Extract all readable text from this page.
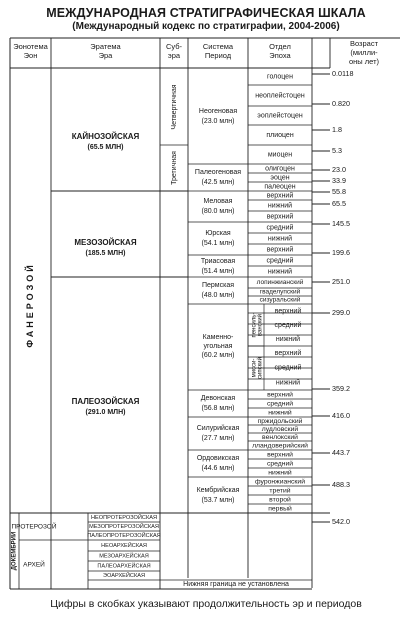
МЕЖДУНАРОДНАЯ СТРАТИГРАФИЧЕСКАЯ ШКАЛА
(Международный кодекс по стратиграфии, 2004-2006)
Эонотема
Эон
Эратема
Эра
Суб-
эра
Система
Период
Отдел
Эпоха
Возраст
(милли-
оны лет)
голоцен
неоплейстоцен
эоплейстоцен
плиоцен
миоцен
олигоцен
эоцен
палеоцен
верхний
нижний
верхний
средний
нижний
верхний
средний
нижний
лопинжианский
гваделупский
сизуральский
верхний
средний
нижний
верхний
средний
нижний
пенсиль- ванский
мисси- сипский
верхний
средний
нижний
пржидольский
лудловский
венлокский
лландоверийский
верхний
средний
нижний
фуронжианский
третий
второй
первый
Неогеновая
(23.0 млн)
Палеогеновая
(42.5 млн)
Меловая
(80.0 млн)
Юрская
(54.1 млн)
Триасовая
(51.4 млн)
Пермская
(48.0 млн)
Девонская
(56.8 млн)
Силурийская
(27.7 млн)
Ордовикская
(44.6 млн)
Кембрийская
(53.7 млн)
Каменно-
угольная
(60.2 млн)
Четвертичная
Третичная
КАЙНОЗОЙСКАЯ
(65.5 МЛН)
МЕЗОЗОЙСКАЯ
(185.5 МЛН)
ПАЛЕОЗОЙСКАЯ
(291.0 МЛН)
ФАНЕРОЗОЙ
ДОКЕМБРИЙ
ПРОТЕРОЗОЙ
АРХЕЙ
НЕОПРОТЕРОЗОЙСКАЯ
МЕЗОПРОТЕРОЗОЙСКАЯ
ПАЛЕОПРОТЕРОЗОЙСКАЯ
НЕОАРХЕЙСКАЯ
МЕЗОАРХЕЙСКАЯ
ПАЛЕОАРХЕЙСКАЯ
ЭОАРХЕЙСКАЯ
Нижняя граница не установлена
0.0118
0.820
1.8
5.3
23.0
33.9
55.8
65.5
145.5
199.6
251.0
299.0
359.2
416.0
443.7
488.3
542.0
Цифры в скобках указывают продолжительность эр и периодов
